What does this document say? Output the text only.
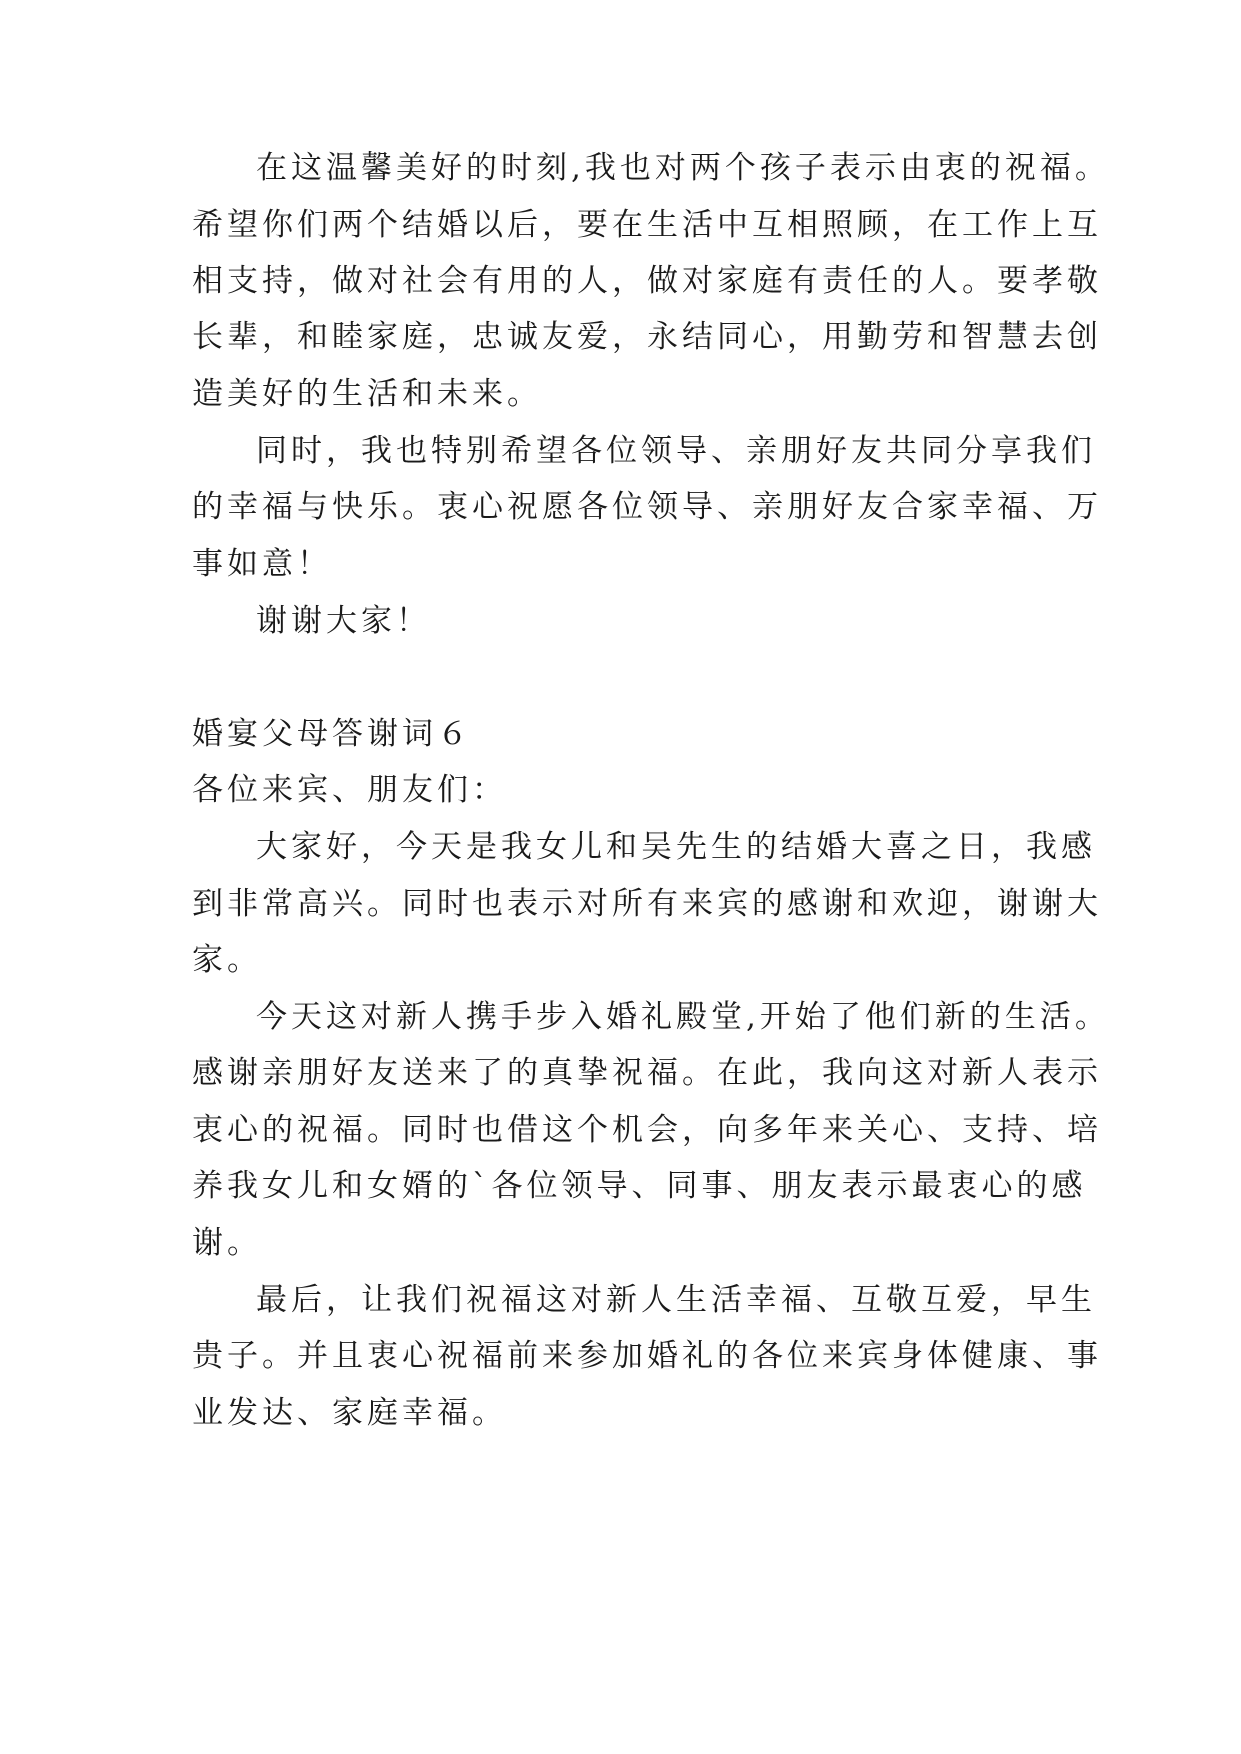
在这温馨美好的时刻,我也对两个孩子表示由衷的祝福。
希望你们两个结婚以后，要在生活中互相照顾，在工作上互
相支持，做对社会有用的人，做对家庭有责任的人。要孝敬
长辈，和睦家庭，忠诚友爱，永结同心，用勤劳和智慧去创
造美好的生活和未来。
同时，我也特别希望各位领导、亲朋好友共同分享我们
的幸福与快乐。衷心祝愿各位领导、亲朋好友合家幸福、万
事如意！
谢谢大家！
婚宴父母答谢词６
各位来宾、朋友们：
大家好，今天是我女儿和吴先生的结婚大喜之日，我感
到非常高兴。同时也表示对所有来宾的感谢和欢迎，谢谢大
家。
今天这对新人携手步入婚礼殿堂,开始了他们新的生活。
感谢亲朋好友送来了的真挚祝福。在此，我向这对新人表示
衷心的祝福。同时也借这个机会，向多年来关心、支持、培
养我女儿和女婿的`各位领导、同事、朋友表示最衷心的感
谢。
最后，让我们祝福这对新人生活幸福、互敬互爱，早生
贵子。并且衷心祝福前来参加婚礼的各位来宾身体健康、事
业发达、家庭幸福。
